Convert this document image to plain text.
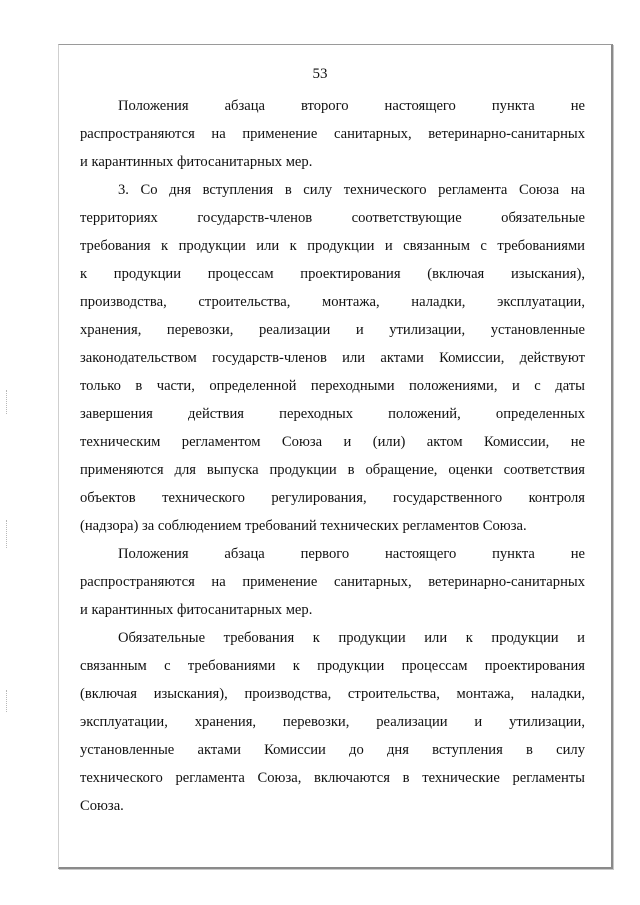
53
Положения абзаца второго настоящего пункта не
распространяются на применение санитарных, ветеринарно-санитарных
и карантинных фитосанитарных мер.
3. Со дня вступления в силу технического регламента Союза на
территориях государств-членов соответствующие обязательные
требования к продукции или к продукции и связанным с требованиями
к продукции процессам проектирования (включая изыскания),
производства, строительства, монтажа, наладки, эксплуатации,
хранения, перевозки, реализации и утилизации, установленные
законодательством государств-членов или актами Комиссии, действуют
только в части, определенной переходными положениями, и с даты
завершения действия переходных положений, определенных
техническим регламентом Союза и (или) актом Комиссии, не
применяются для выпуска продукции в обращение, оценки соответствия
объектов технического регулирования, государственного контроля
(надзора) за соблюдением требований технических регламентов Союза.
Положения абзаца первого настоящего пункта не
распространяются на применение санитарных, ветеринарно-санитарных
и карантинных фитосанитарных мер.
Обязательные требования к продукции или к продукции и
связанным с требованиями к продукции процессам проектирования
(включая изыскания), производства, строительства, монтажа, наладки,
эксплуатации, хранения, перевозки, реализации и утилизации,
установленные актами Комиссии до дня вступления в силу
технического регламента Союза, включаются в технические регламенты
Союза.
